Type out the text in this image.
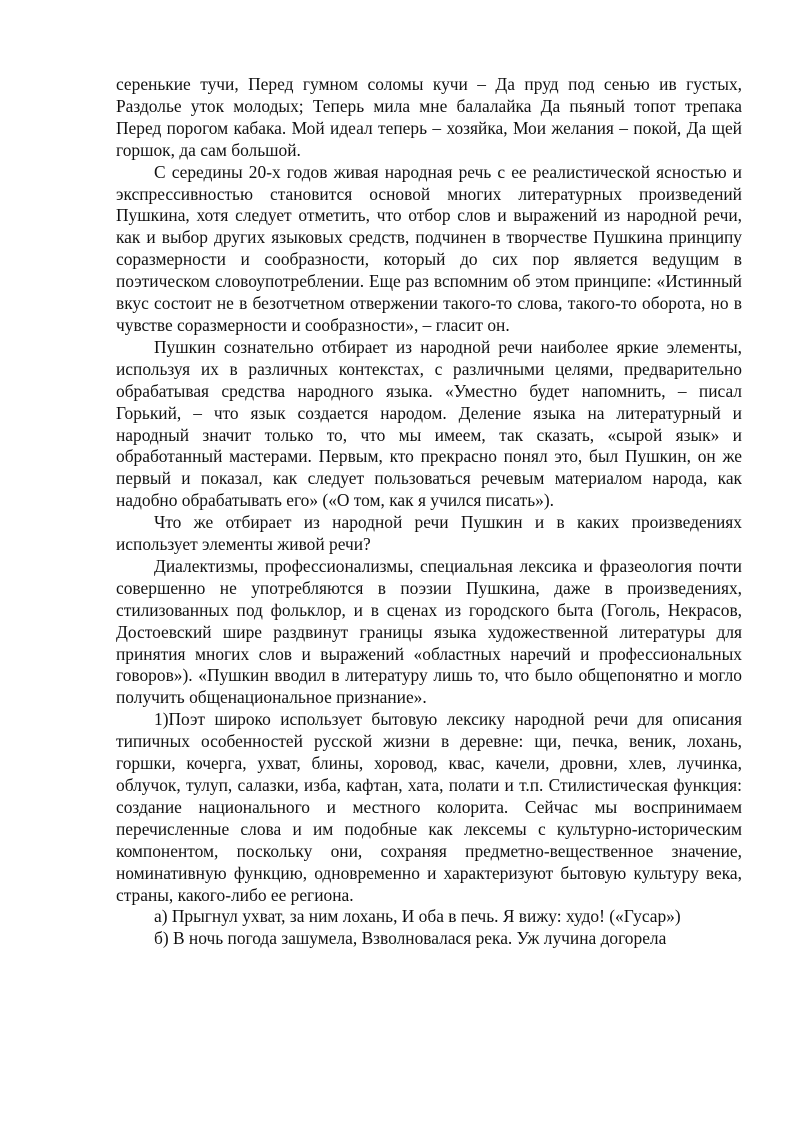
серенькие тучи, Перед гумном соломы кучи – Да пруд под сенью ив густых, Раздолье уток молодых; Теперь мила мне балалайка Да пьяный топот трепака Перед порогом кабака. Мой идеал теперь – хозяйка, Мои желания – покой, Да щей горшок, да сам большой.

С середины 20-х годов живая народная речь с ее реалистической ясностью и экспрессивностью становится основой многих литературных произведений Пушкина, хотя следует отметить, что отбор слов и выражений из народной речи, как и выбор других языковых средств, подчинен в творчестве Пушкина принципу соразмерности и сообразности, который до сих пор является ведущим в поэтическом словоупотреблении. Еще раз вспомним об этом принципе: «Истинный вкус состоит не в безотчетном отвержении такого-то слова, такого-то оборота, но в чувстве соразмерности и сообразности», – гласит он.

Пушкин сознательно отбирает из народной речи наиболее яркие элементы, используя их в различных контекстах, с различными целями, предварительно обрабатывая средства народного языка. «Уместно будет напомнить, – писал Горький, – что язык создается народом. Деление языка на литературный и народный значит только то, что мы имеем, так сказать, «сырой язык» и обработанный мастерами. Первым, кто прекрасно понял это, был Пушкин, он же первый и показал, как следует пользоваться речевым материалом народа, как надобно обрабатывать его» («О том, как я учился писать»).

Что же отбирает из народной речи Пушкин и в каких произведениях использует элементы живой речи?

Диалектизмы, профессионализмы, специальная лексика и фразеология почти совершенно не употребляются в поэзии Пушкина, даже в произведениях, стилизованных под фольклор, и в сценах из городского быта (Гоголь, Некрасов, Достоевский шире раздвинут границы языка художественной литературы для принятия многих слов и выражений «областных наречий и профессиональных говоров»). «Пушкин вводил в литературу лишь то, что было общепонятно и могло получить общенациональное признание».

1)Поэт широко использует бытовую лексику народной речи для описания типичных особенностей русской жизни в деревне: щи, печка, веник, лохань, горшки, кочерга, ухват, блины, хоровод, квас, качели, дровни, хлев, лучинка, облучок, тулуп, салазки, изба, кафтан, хата, полати и т.п. Стилистическая функция: создание национального и местного колорита. Сейчас мы воспринимаем перечисленные слова и им подобные как лексемы с культурно-историческим компонентом, поскольку они, сохраняя предметно-вещественное значение, номинативную функцию, одновременно и характеризуют бытовую культуру века, страны, какого-либо ее региона.

а) Прыгнул ухват, за ним лохань, И оба в печь. Я вижу: худо! («Гусар»)

б) В ночь погода зашумела, Взволновалася река. Уж лучина догорела
